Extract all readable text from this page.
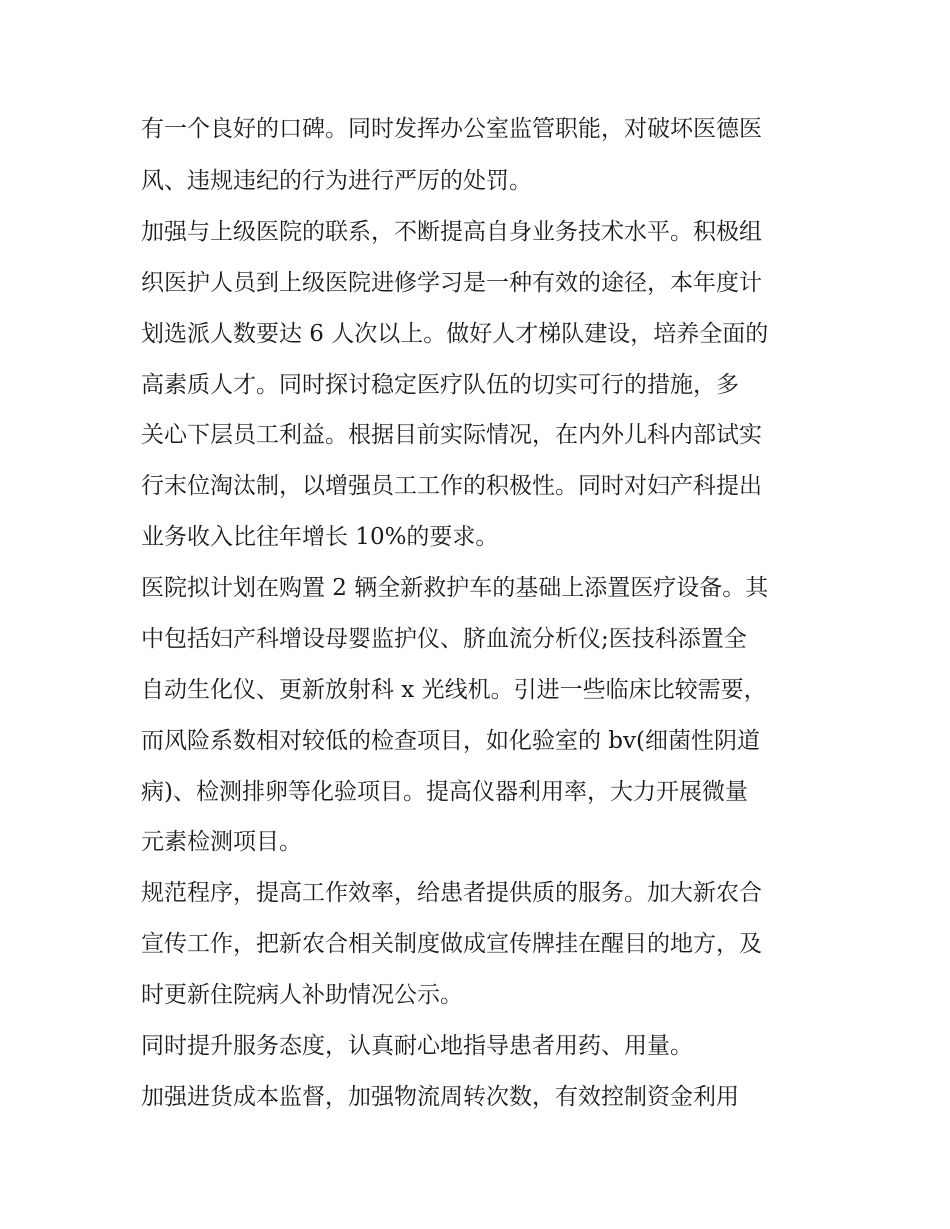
有一个良好的口碑。同时发挥办公室监管职能，对破坏医德医
风、违规违纪的行为进行严厉的处罚。
加强与上级医院的联系，不断提高自身业务技术水平。积极组
织医护人员到上级医院进修学习是一种有效的途径，本年度计
划选派人数要达 6 人次以上。做好人才梯队建设，培养全面的
高素质人才。同时探讨稳定医疗队伍的切实可行的措施，多
关心下层员工利益。根据目前实际情况，在内外儿科内部试实
行末位淘汰制，以增强员工工作的积极性。同时对妇产科提出
业务收入比往年增长 10%的要求。
医院拟计划在购置 2 辆全新救护车的基础上添置医疗设备。其
中包括妇产科增设母婴监护仪、脐血流分析仪;医技科添置全
自动生化仪、更新放射科 x 光线机。引进一些临床比较需要，
而风险系数相对较低的检查项目，如化验室的 bv(细菌性阴道
病)、检测排卵等化验项目。提高仪器利用率，大力开展微量
元素检测项目。
规范程序，提高工作效率，给患者提供质的服务。加大新农合
宣传工作，把新农合相关制度做成宣传牌挂在醒目的地方，及
时更新住院病人补助情况公示。
同时提升服务态度，认真耐心地指导患者用药、用量。
加强进货成本监督，加强物流周转次数，有效控制资金利用
